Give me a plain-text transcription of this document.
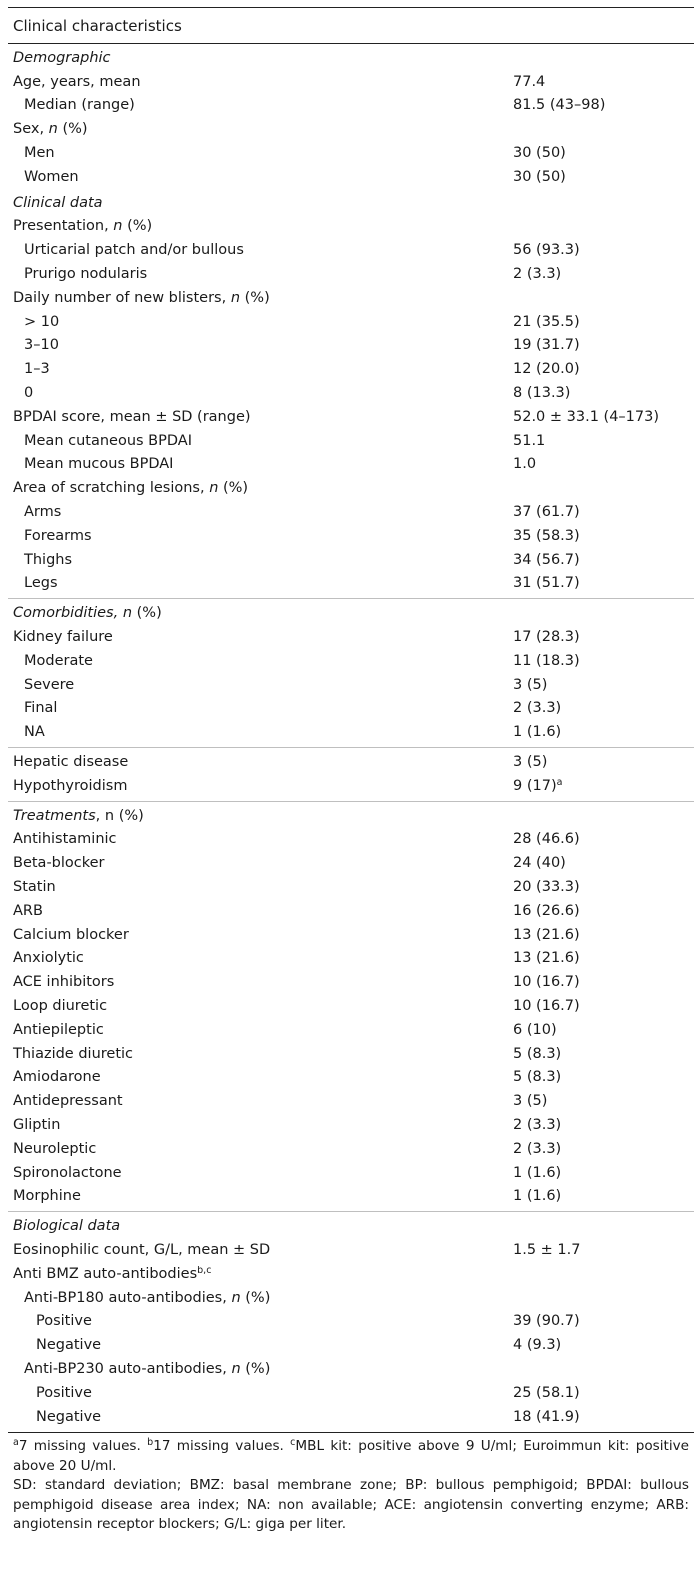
Clinical characteristics
Demographic
Age, years, mean	77.4
Median (range)	81.5 (43–98)
Sex, n (%)
Men	30 (50)
Women	30 (50)
Clinical data
Presentation, n (%)
Urticarial patch and/or bullous	56 (93.3)
Prurigo nodularis	2 (3.3)
Daily number of new blisters, n (%)
> 10	21 (35.5)
3–10	19 (31.7)
1–3	12 (20.0)
0	8 (13.3)
BPDAI score, mean ± SD (range)	52.0 ± 33.1 (4–173)
Mean cutaneous BPDAI	51.1
Mean mucous BPDAI	1.0
Area of scratching lesions, n (%)
Arms	37 (61.7)
Forearms	35 (58.3)
Thighs	34 (56.7)
Legs	31 (51.7)
Comorbidities, n (%)
Kidney failure	17 (28.3)
Moderate	11 (18.3)
Severe	3 (5)
Final	2 (3.3)
NA	1 (1.6)
Hepatic disease	3 (5)
Hypothyroidism	9 $(17)^a$
Treatments, n (%)
Antihistaminic	28 (46.6)
Beta-blocker	24 (40)
Statin	20 (33.3)
ARB	16 (26.6)
Calcium blocker	13 (21.6)
Anxiolytic	13 (21.6)
ACE inhibitors	10 (16.7)
Loop diuretic	10 (16.7)
Antiepileptic	6 (10)
Thiazide diuretic	5 (8.3)
Amiodarone	5 (8.3)
Antidepressant	3 (5)
Gliptin	2 (3.3)
Neuroleptic	2 (3.3)
Spironolactone	1 (1.6)
Morphine	1 (1.6)
Biological data
Eosinophilic count, G/L, mean ± SD	1.5 ± 1.7
Anti BMZ auto-antibodies$^{b,c}$
Anti-BP180 auto-antibodies, n (%)
Positive	39 (90.7)
Negative	4 (9.3)
Anti-BP230 auto-antibodies, n (%)
Positive	25 (58.1)
Negative	18 (41.9)

$^a$7 missing values. $^b$17 missing values. $^c$MBL kit: positive above 9 U/ml; Euroimmun kit: positive above 20 U/ml.

SD: standard deviation; BMZ: basal membrane zone; BP: bullous pemphigoid; BPDAI: bullous pemphigoid disease area index; NA: non available; ACE: angiotensin converting enzyme; ARB: angiotensin receptor blockers; G/L: giga per liter.
